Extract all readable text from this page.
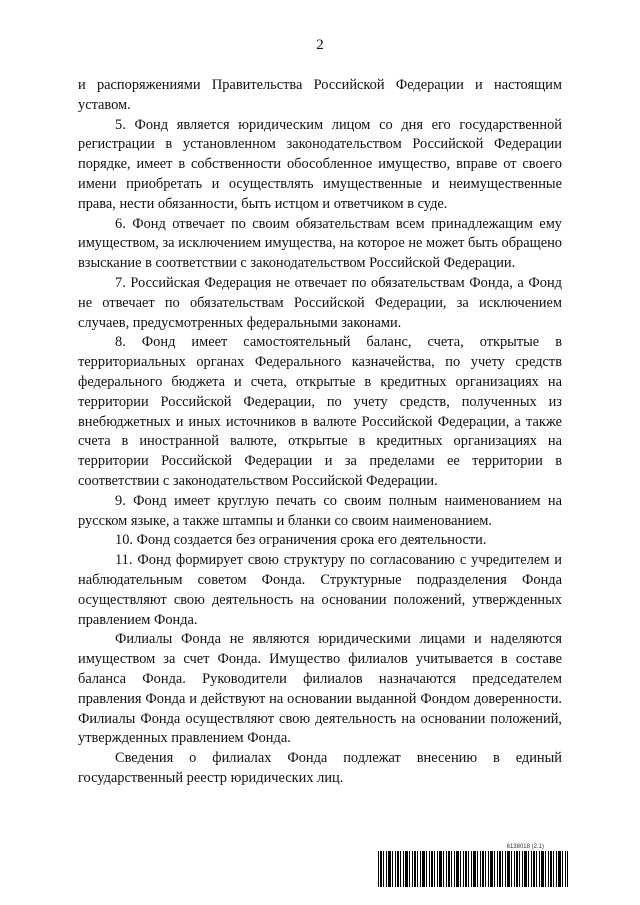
2

и распоряжениями Правительства Российской Федерации и настоящим уставом.

5. Фонд является юридическим лицом со дня его государственной регистрации в установленном законодательством Российской Федерации порядке, имеет в собственности обособленное имущество, вправе от своего имени приобретать и осуществлять имущественные и неимущественные права, нести обязанности, быть истцом и ответчиком в суде.

6. Фонд отвечает по своим обязательствам всем принадлежащим ему имуществом, за исключением имущества, на которое не может быть обращено взыскание в соответствии с законодательством Российской Федерации.

7. Российская Федерация не отвечает по обязательствам Фонда, а Фонд не отвечает по обязательствам Российской Федерации, за исключением случаев, предусмотренных федеральными законами.

8. Фонд имеет самостоятельный баланс, счета, открытые в территориальных органах Федерального казначейства, по учету средств федерального бюджета и счета, открытые в кредитных организациях на территории Российской Федерации, по учету средств, полученных из внебюджетных и иных источников в валюте Российской Федерации, а также счета в иностранной валюте, открытые в кредитных организациях на территории Российской Федерации и за пределами ее территории в соответствии с законодательством Российской Федерации.

9. Фонд имеет круглую печать со своим полным наименованием на русском языке, а также штампы и бланки со своим наименованием.

10. Фонд создается без ограничения срока его деятельности.

11. Фонд формирует свою структуру по согласованию с учредителем и наблюдательным советом Фонда. Структурные подразделения Фонда осуществляют свою деятельность на основании положений, утвержденных правлением Фонда.

Филиалы Фонда не являются юридическими лицами и наделяются имуществом за счет Фонда. Имущество филиалов учитывается в составе баланса Фонда. Руководители филиалов назначаются председателем правления Фонда и действуют на основании выданной Фондом доверенности. Филиалы Фонда осуществляют свою деятельность на основании положений, утвержденных правлением Фонда.

Сведения о филиалах Фонда подлежат внесению в единый государственный реестр юридических лиц.

6138018 (2.1)
